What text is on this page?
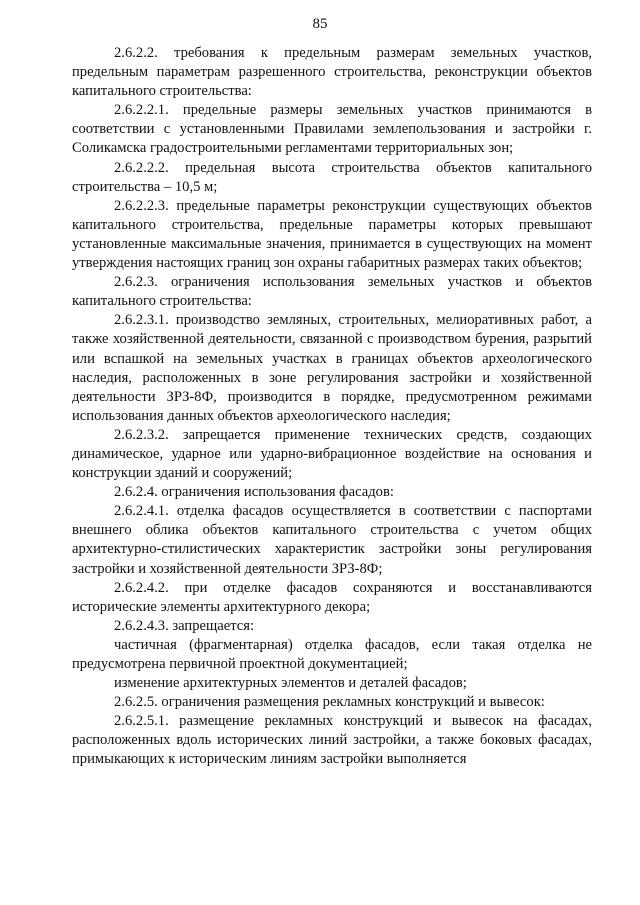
85

2.6.2.2. требования к предельным размерам земельных участков, предельным параметрам разрешенного строительства, реконструкции объектов капитального строительства:

2.6.2.2.1. предельные размеры земельных участков принимаются в соответствии с установленными Правилами землепользования и застройки г. Соликамска градостроительными регламентами территориальных зон;

2.6.2.2.2. предельная высота строительства объектов капитального строительства – 10,5 м;

2.6.2.2.3. предельные параметры реконструкции существующих объектов капитального строительства, предельные параметры которых превышают установленные максимальные значения, принимается в существующих на момент утверждения настоящих границ зон охраны габаритных размерах таких объектов;

2.6.2.3. ограничения использования земельных участков и объектов капитального строительства:

2.6.2.3.1. производство земляных, строительных, мелиоративных работ, а также хозяйственной деятельности, связанной с производством бурения, разрытий или вспашкой на земельных участках в границах объектов археологического наследия, расположенных в зоне регулирования застройки и хозяйственной деятельности ЗРЗ-8Ф, производится в порядке, предусмотренном режимами использования данных объектов археологического наследия;

2.6.2.3.2. запрещается применение технических средств, создающих динамическое, ударное или ударно-вибрационное воздействие на основания и конструкции зданий и сооружений;

2.6.2.4. ограничения использования фасадов:

2.6.2.4.1. отделка фасадов осуществляется в соответствии с паспортами внешнего облика объектов капитального строительства с учетом общих архитектурно-стилистических характеристик застройки зоны регулирования застройки и хозяйственной деятельности ЗРЗ-8Ф;

2.6.2.4.2. при отделке фасадов сохраняются и восстанавливаются исторические элементы архитектурного декора;

2.6.2.4.3. запрещается:

частичная (фрагментарная) отделка фасадов, если такая отделка не предусмотрена первичной проектной документацией;

изменение архитектурных элементов и деталей фасадов;

2.6.2.5. ограничения размещения рекламных конструкций и вывесок:

2.6.2.5.1. размещение рекламных конструкций и вывесок на фасадах, расположенных вдоль исторических линий застройки, а также боковых фасадах, примыкающих к историческим линиям застройки выполняется
